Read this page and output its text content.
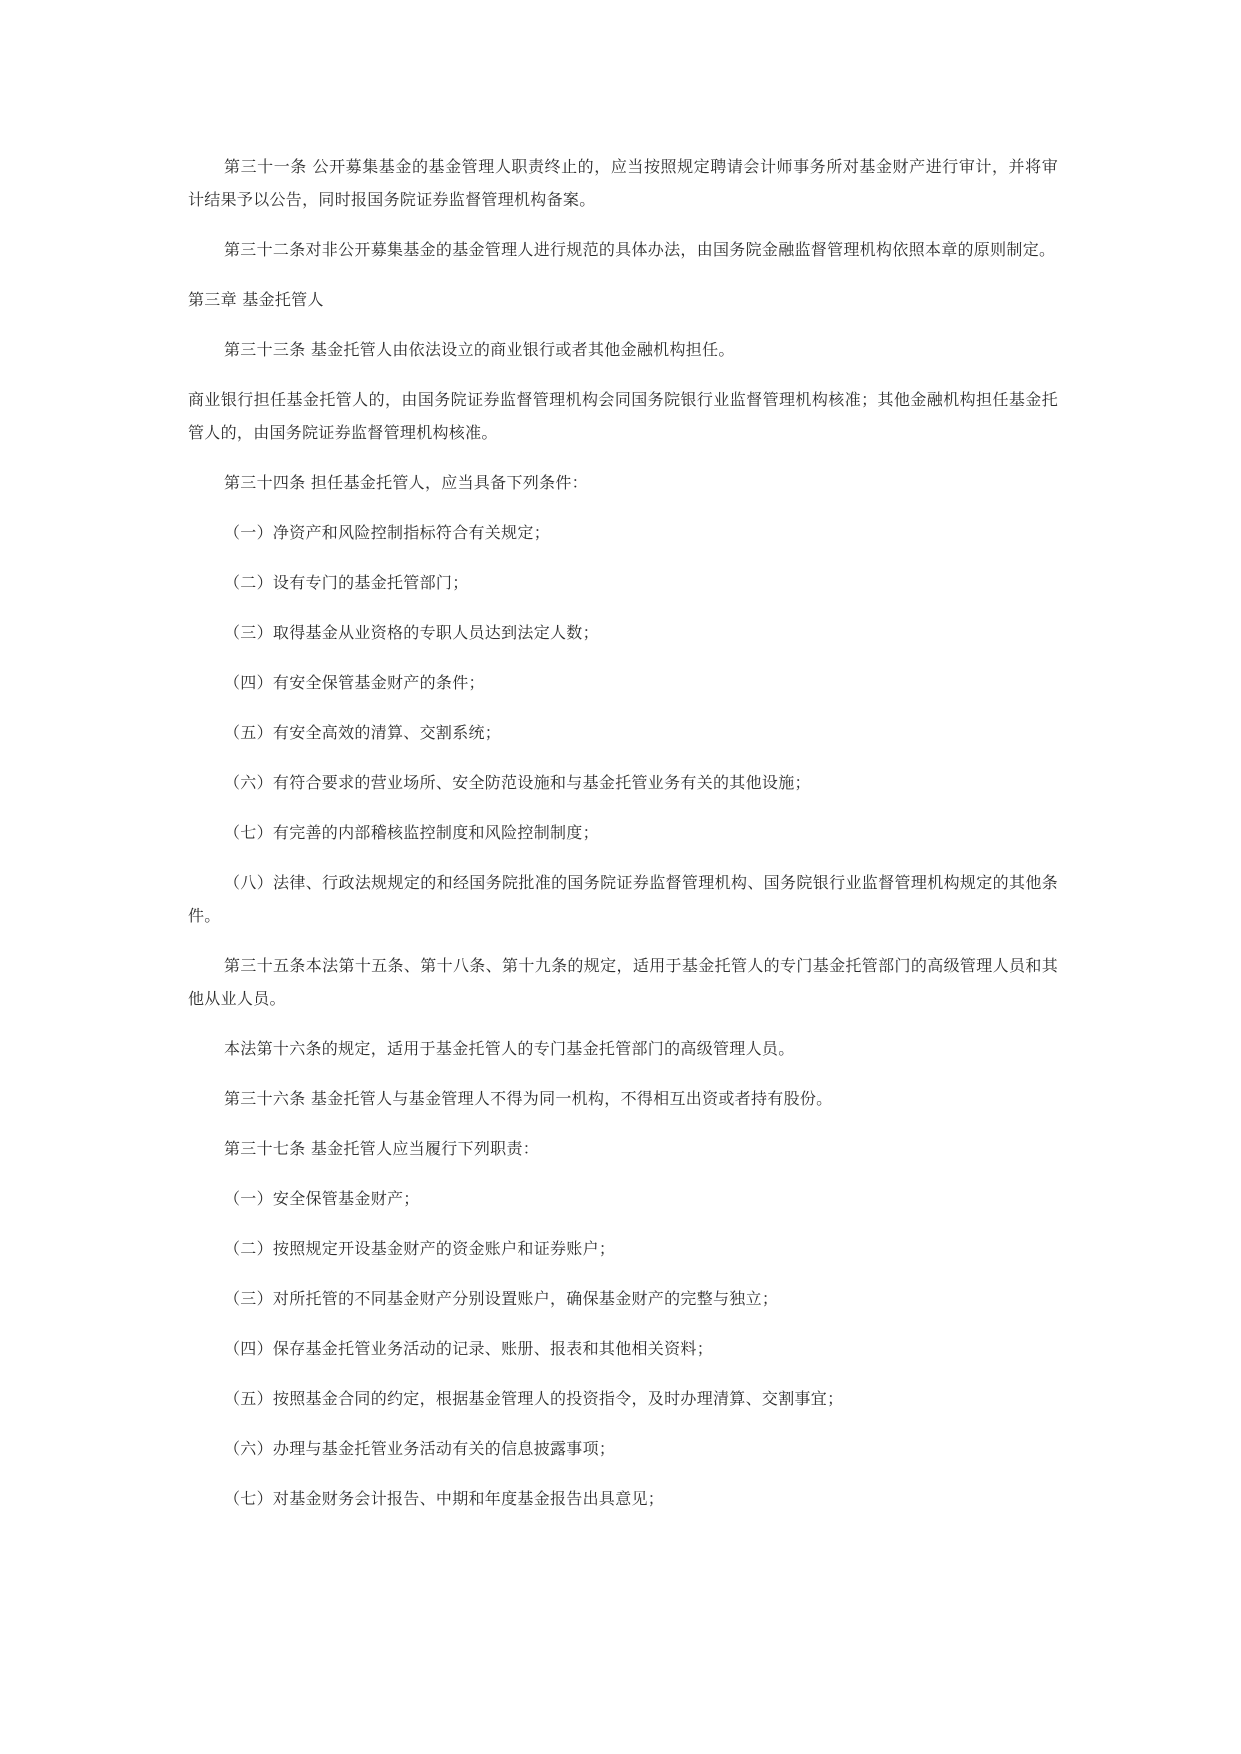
第三十一条 公开募集基金的基金管理人职责终止的，应当按照规定聘请会计师事务所对基金财产进行审计，并将审计结果予以公告，同时报国务院证券监督管理机构备案。

第三十二条对非公开募集基金的基金管理人进行规范的具体办法，由国务院金融监督管理机构依照本章的原则制定。

第三章 基金托管人

第三十三条 基金托管人由依法设立的商业银行或者其他金融机构担任。

商业银行担任基金托管人的，由国务院证券监督管理机构会同国务院银行业监督管理机构核准；其他金融机构担任基金托管人的，由国务院证券监督管理机构核准。

第三十四条 担任基金托管人，应当具备下列条件：

（一）净资产和风险控制指标符合有关规定；

（二）设有专门的基金托管部门；

（三）取得基金从业资格的专职人员达到法定人数；

（四）有安全保管基金财产的条件；

（五）有安全高效的清算、交割系统；

（六）有符合要求的营业场所、安全防范设施和与基金托管业务有关的其他设施；

（七）有完善的内部稽核监控制度和风险控制制度；

（八）法律、行政法规规定的和经国务院批准的国务院证券监督管理机构、国务院银行业监督管理机构规定的其他条件。

第三十五条本法第十五条、第十八条、第十九条的规定，适用于基金托管人的专门基金托管部门的高级管理人员和其他从业人员。

本法第十六条的规定，适用于基金托管人的专门基金托管部门的高级管理人员。

第三十六条 基金托管人与基金管理人不得为同一机构，不得相互出资或者持有股份。

第三十七条 基金托管人应当履行下列职责：

（一）安全保管基金财产；

（二）按照规定开设基金财产的资金账户和证券账户；

（三）对所托管的不同基金财产分别设置账户，确保基金财产的完整与独立；

（四）保存基金托管业务活动的记录、账册、报表和其他相关资料；

（五）按照基金合同的约定，根据基金管理人的投资指令，及时办理清算、交割事宜；

（六）办理与基金托管业务活动有关的信息披露事项；

（七）对基金财务会计报告、中期和年度基金报告出具意见；
